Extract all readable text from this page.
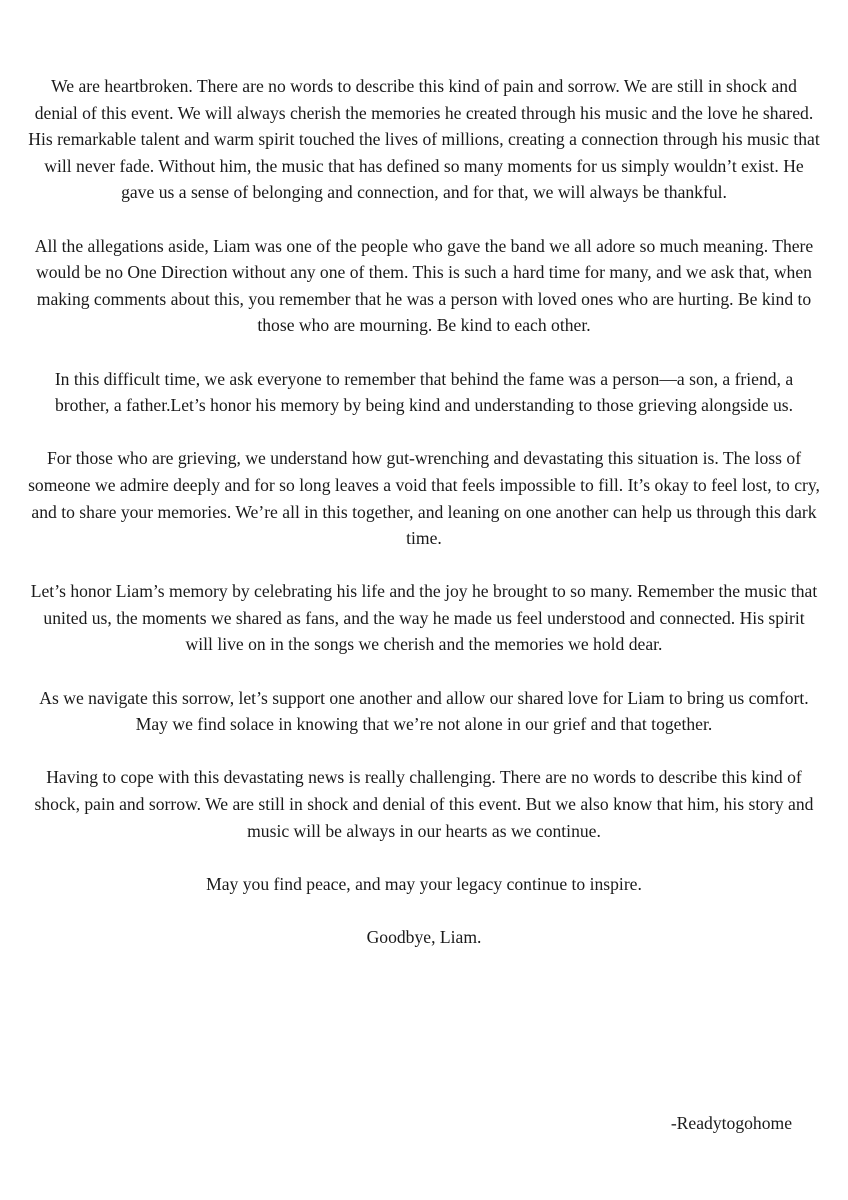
We are heartbroken. There are no words to describe this kind of pain and sorrow. We are still in shock and denial of this event. We will always cherish the memories he created through his music and the love he shared. His remarkable talent and warm spirit touched the lives of millions, creating a connection through his music that will never fade. Without him, the music that has defined so many moments for us simply wouldn’t exist. He gave us a sense of belonging and connection, and for that, we will always be thankful.

All the allegations aside, Liam was one of the people who gave the band we all adore so much meaning. There would be no One Direction without any one of them. This is such a hard time for many, and we ask that, when making comments about this, you remember that he was a person with loved ones who are hurting. Be kind to those who are mourning. Be kind to each other.

In this difficult time, we ask everyone to remember that behind the fame was a person—a son, a friend, a brother, a father.Let’s honor his memory by being kind and understanding to those grieving alongside us.

For those who are grieving, we understand how gut-wrenching and devastating this situation is. The loss of someone we admire deeply and for so long leaves a void that feels impossible to fill. It’s okay to feel lost, to cry, and to share your memories. We’re all in this together, and leaning on one another can help us through this dark time.

Let’s honor Liam’s memory by celebrating his life and the joy he brought to so many. Remember the music that united us, the moments we shared as fans, and the way he made us feel understood and connected. His spirit will live on in the songs we cherish and the memories we hold dear.

As we navigate this sorrow, let’s support one another and allow our shared love for Liam to bring us comfort. May we find solace in knowing that we’re not alone in our grief and that together.

Having to cope with this devastating news is really challenging. There are no words to describe this kind of shock, pain and sorrow. We are still in shock and denial of this event. But we also know that him, his story and music will be always in our hearts as we continue.

May you find peace, and may your legacy continue to inspire.

Goodbye, Liam.

-Readytogohome
